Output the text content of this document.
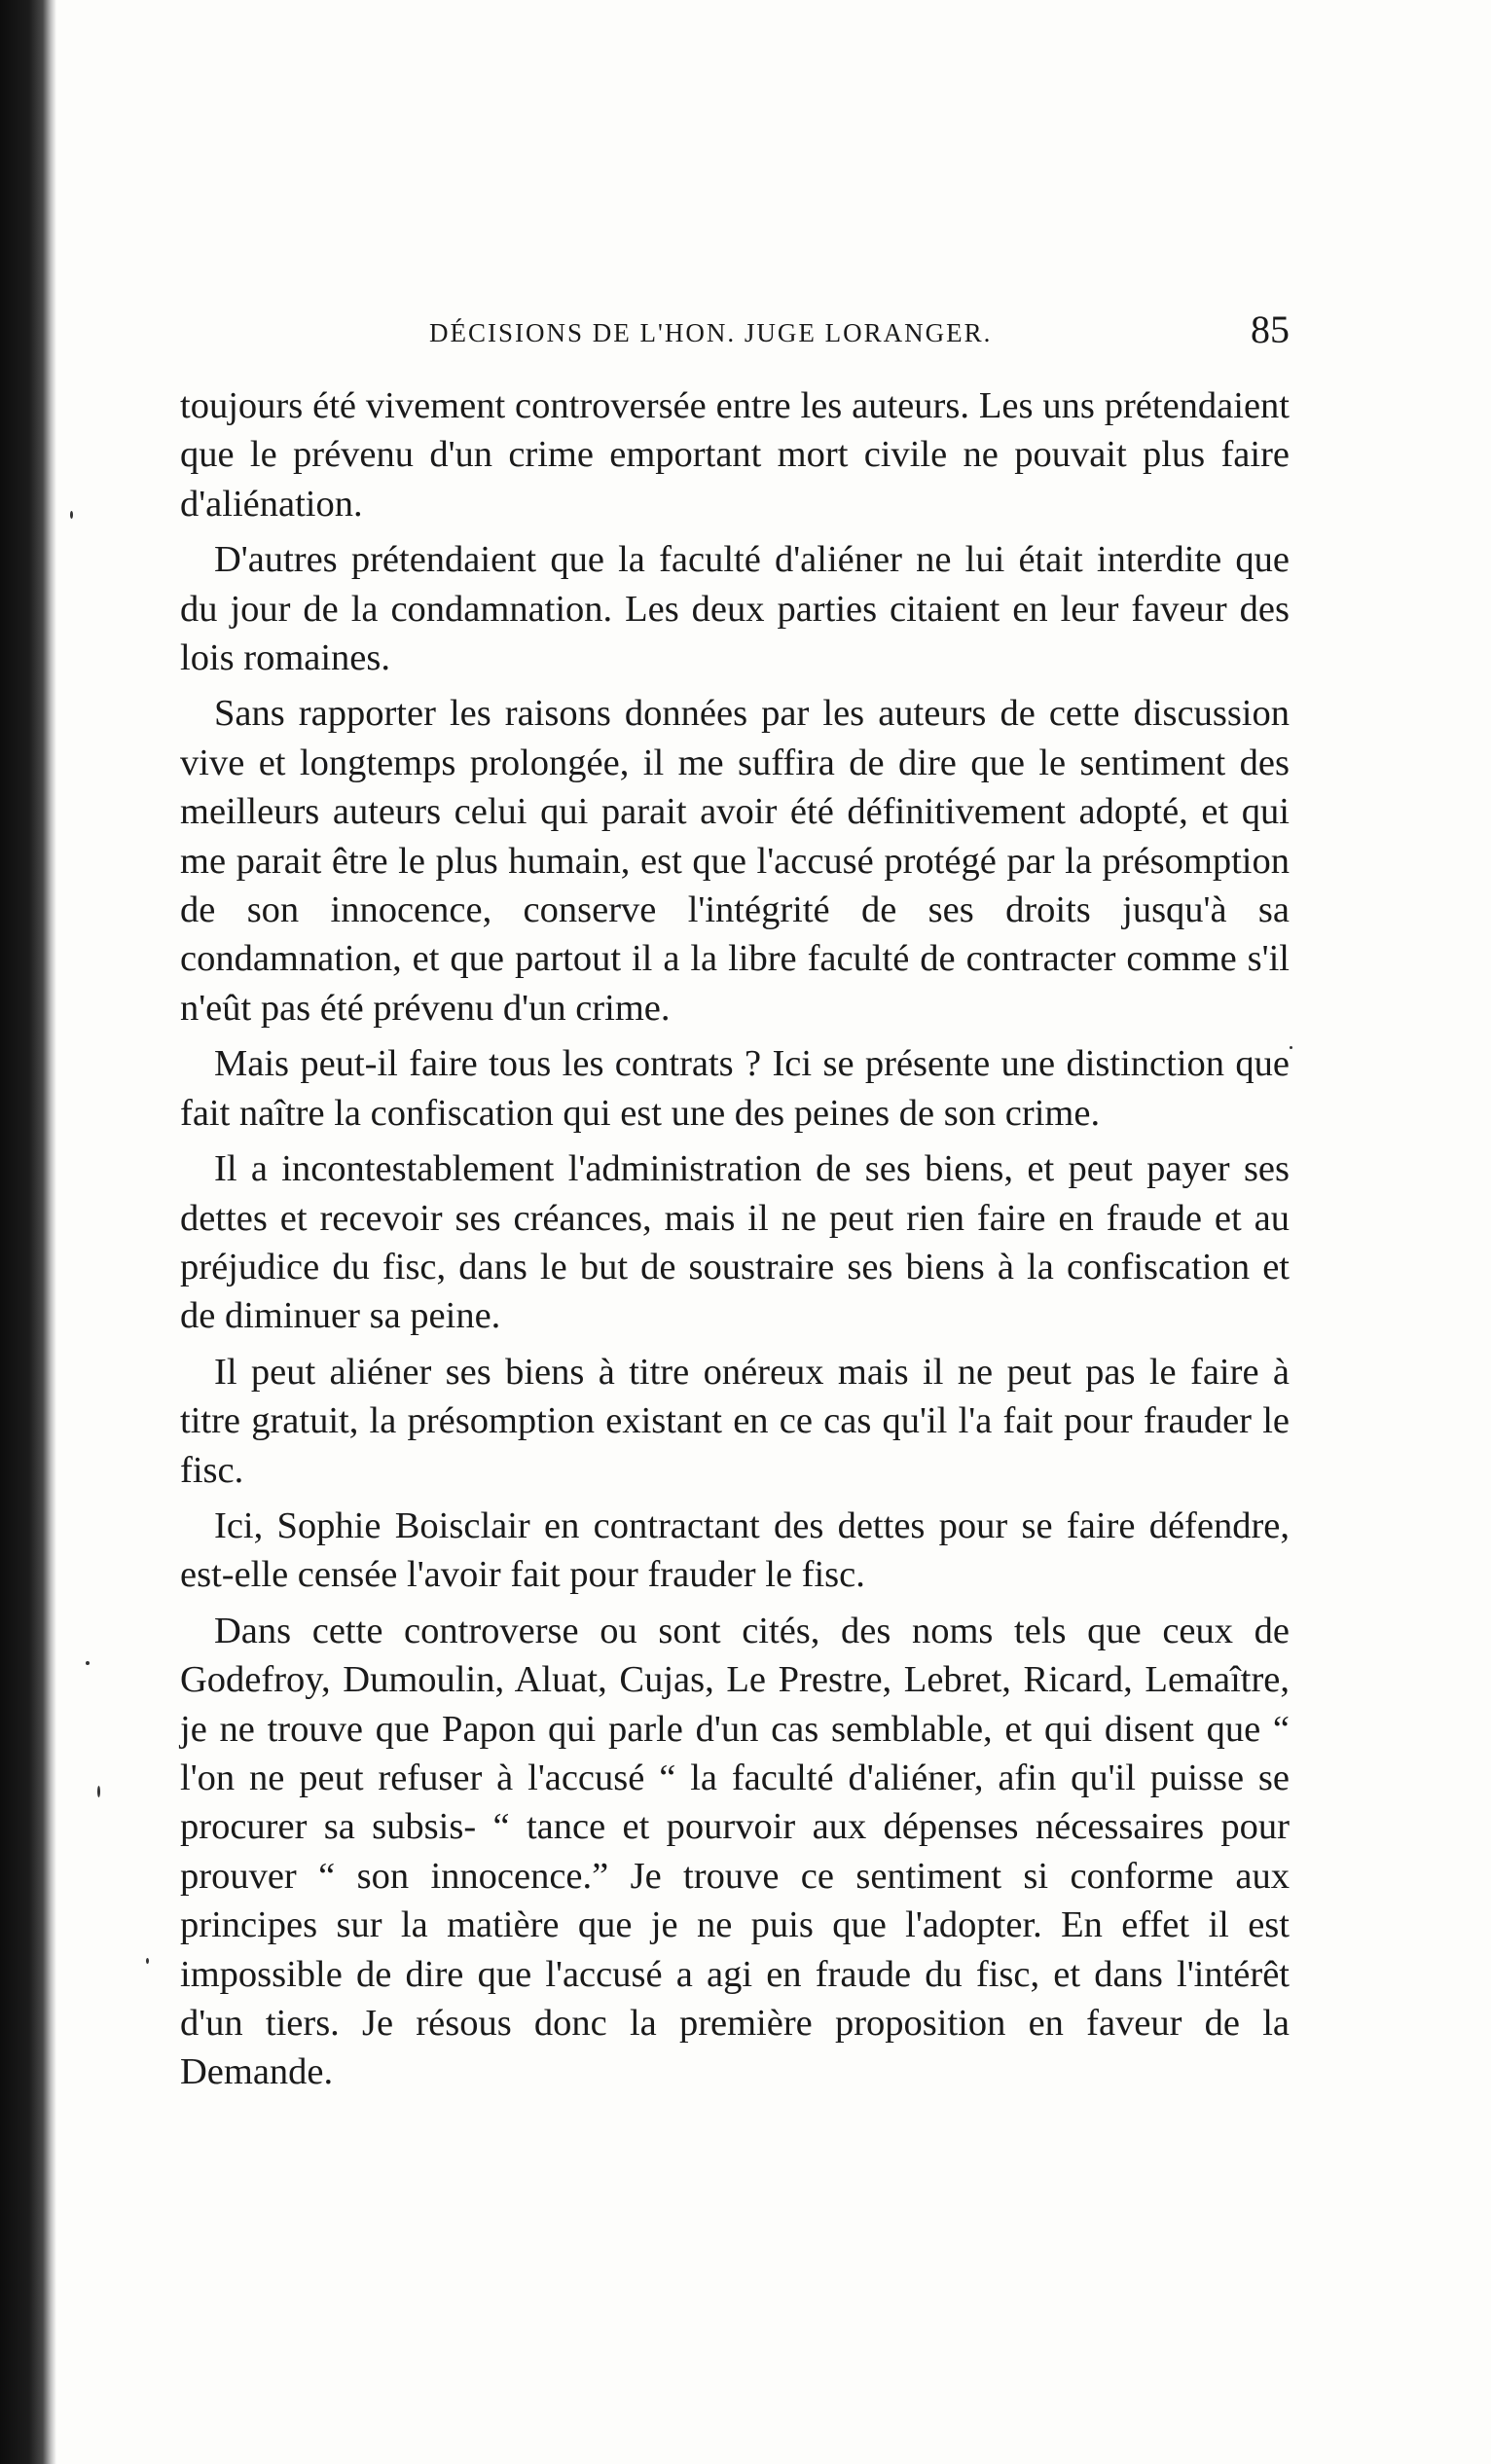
DÉCISIONS DE L'HON. JUGE LORANGER.	85

toujours été vivement controversée entre les auteurs. Les uns prétendaient que le prévenu d'un crime emportant mort civile ne pouvait plus faire d'aliénation.

D'autres prétendaient que la faculté d'aliéner ne lui était interdite que du jour de la condamnation. Les deux parties citaient en leur faveur des lois romaines.

Sans rapporter les raisons données par les auteurs de cette discussion vive et longtemps prolongée, il me suffira de dire que le sentiment des meilleurs auteurs celui qui parait avoir été définitivement adopté, et qui me parait être le plus humain, est que l'accusé protégé par la présomption de son innocence, conserve l'intégrité de ses droits jusqu'à sa condamnation, et que partout il a la libre faculté de contracter comme s'il n'eût pas été prévenu d'un crime.

Mais peut-il faire tous les contrats ? Ici se présente une distinction que fait naître la confiscation qui est une des peines de son crime.

Il a incontestablement l'administration de ses biens, et peut payer ses dettes et recevoir ses créances, mais il ne peut rien faire en fraude et au préjudice du fisc, dans le but de soustraire ses biens à la confiscation et de diminuer sa peine.

Il peut aliéner ses biens à titre onéreux mais il ne peut pas le faire à titre gratuit, la présomption existant en ce cas qu'il l'a fait pour frauder le fisc.

Ici, Sophie Boisclair en contractant des dettes pour se faire défendre, est-elle censée l'avoir fait pour frauder le fisc.

Dans cette controverse ou sont cités, des noms tels que ceux de Godefroy, Dumoulin, Aluat, Cujas, Le Prestre, Lebret, Ricard, Lemaître, je ne trouve que Papon qui parle d'un cas semblable, et qui disent que “ l'on ne peut refuser à l'accusé “ la faculté d'aliéner, afin qu'il puisse se procurer sa subsis- “ tance et pourvoir aux dépenses nécessaires pour prouver “ son innocence.” Je trouve ce sentiment si conforme aux principes sur la matière que je ne puis que l'adopter. En effet il est impossible de dire que l'accusé a agi en fraude du fisc, et dans l'intérêt d'un tiers. Je résous donc la première proposition en faveur de la Demande.
